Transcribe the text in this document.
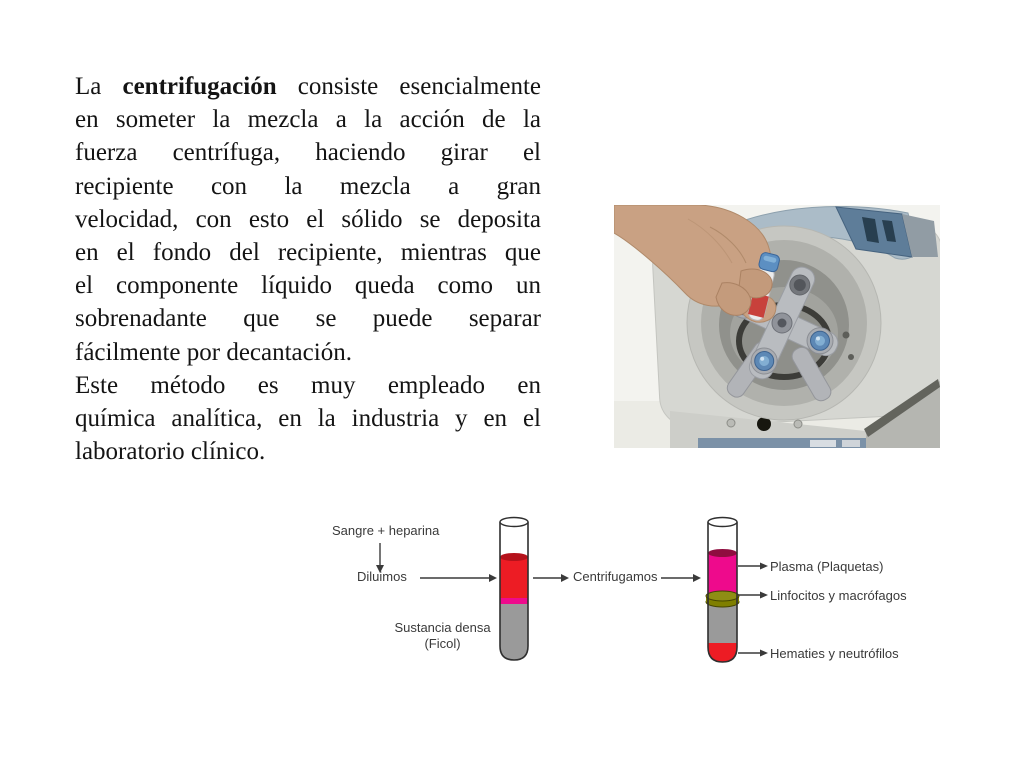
La centrifugación consiste esencialmente
en someter la mezcla a la acción de la
fuerza centrífuga, haciendo girar el
recipiente con la mezcla a gran
velocidad, con esto el sólido se deposita
en el fondo del recipiente, mientras que
el componente líquido queda como un
sobrenadante que se puede separar
fácilmente por decantación.
Este método es muy empleado en
química analítica, en la industria y en el
laboratorio clínico.
Sangre + heparina
Diluimos
Sustancia densa
(Ficol)
Centrifugamos
Plasma (Plaquetas)
Linfocitos y macrófagos
Hematies y neutrófilos
